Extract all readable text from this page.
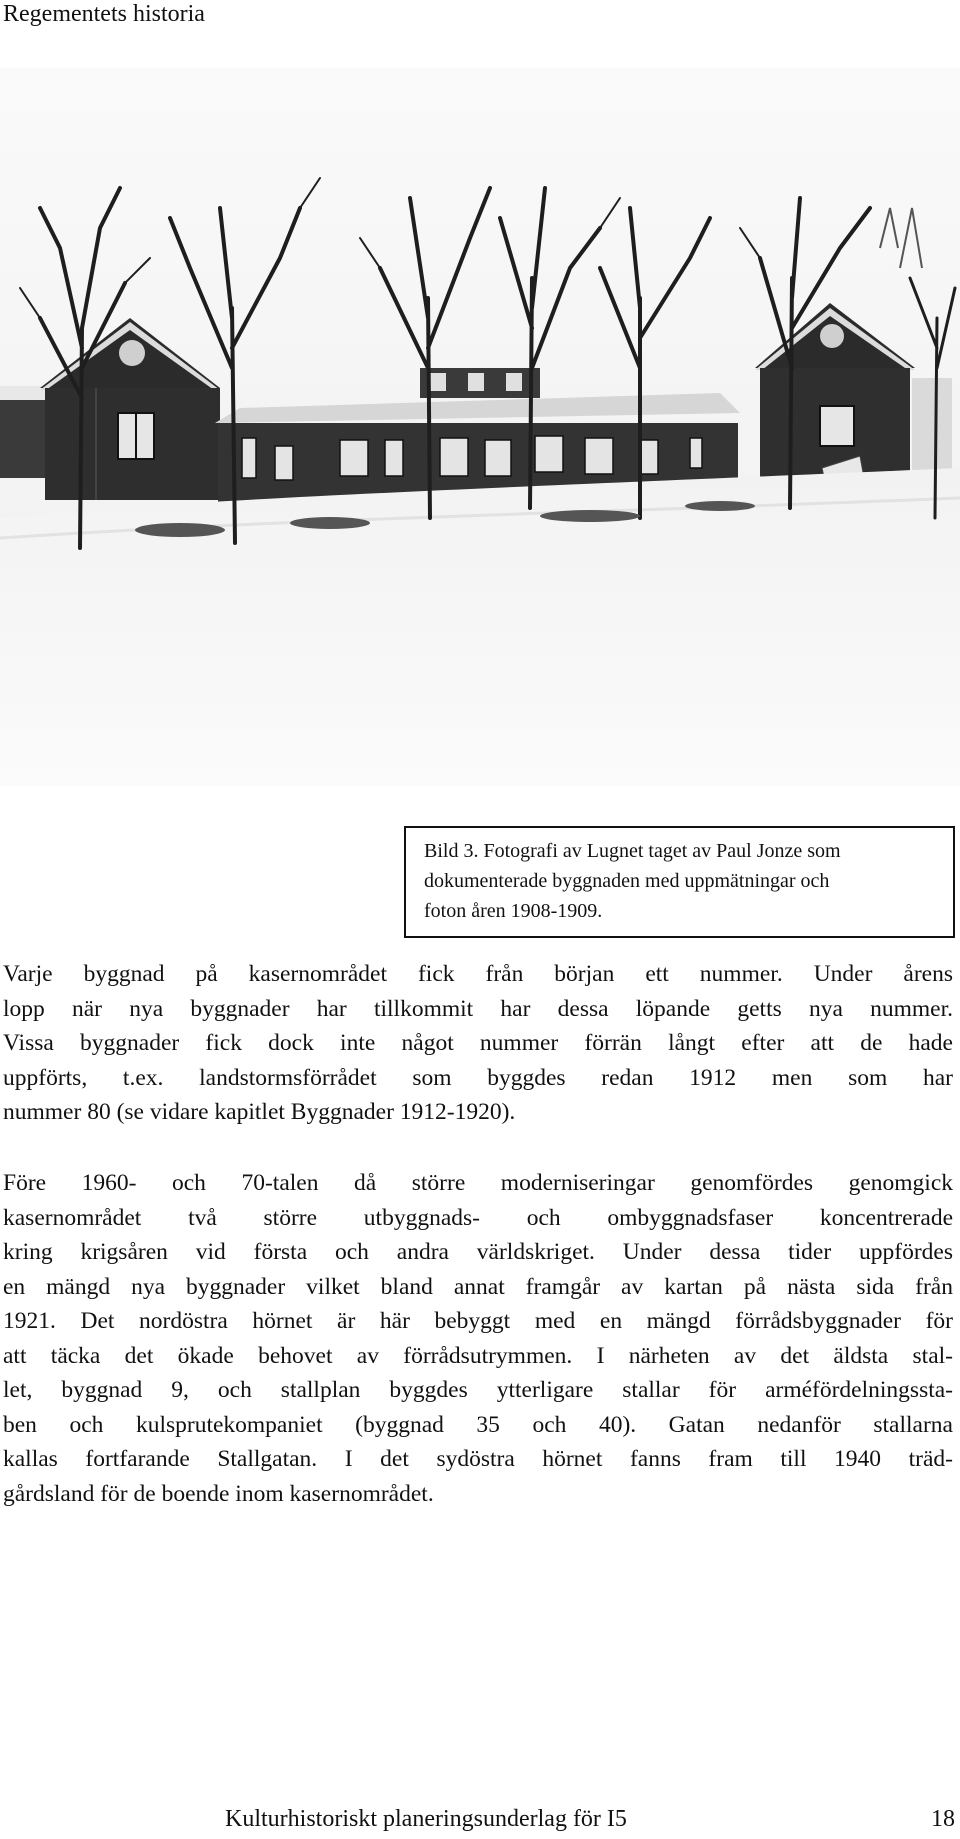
Regementets historia
Bild 3. Fotografi av Lugnet taget av Paul Jonze som
dokumenterade byggnaden med uppmätningar och
foton åren 1908-1909.
Varje byggnad på kasernområdet fick från början ett nummer. Under årens
lopp när nya byggnader har tillkommit har dessa löpande getts nya nummer.
Vissa byggnader fick dock inte något nummer förrän långt efter att de hade
uppförts, t.ex. landstormsförrådet som byggdes redan 1912 men som har
nummer 80 (se vidare kapitlet Byggnader 1912-1920).
Före 1960- och 70-talen då större moderniseringar genomfördes genomgick
kasernområdet två större utbyggnads- och ombyggnadsfaser koncentrerade
kring krigsåren vid första och andra världskriget. Under dessa tider uppfördes
en mängd nya byggnader vilket bland annat framgår av kartan på nästa sida från
1921. Det nordöstra hörnet är här bebyggt med en mängd förrådsbyggnader för
att täcka det ökade behovet av förrådsutrymmen. I närheten av det äldsta stal-
let, byggnad 9, och stallplan byggdes ytterligare stallar för arméfördelningssta-
ben och kulsprutekompaniet (byggnad 35 och 40). Gatan nedanför stallarna
kallas fortfarande Stallgatan. I det sydöstra hörnet fanns fram till 1940 träd-
gårdsland för de boende inom kasernområdet.
Kulturhistoriskt planeringsunderlag för I5	18
